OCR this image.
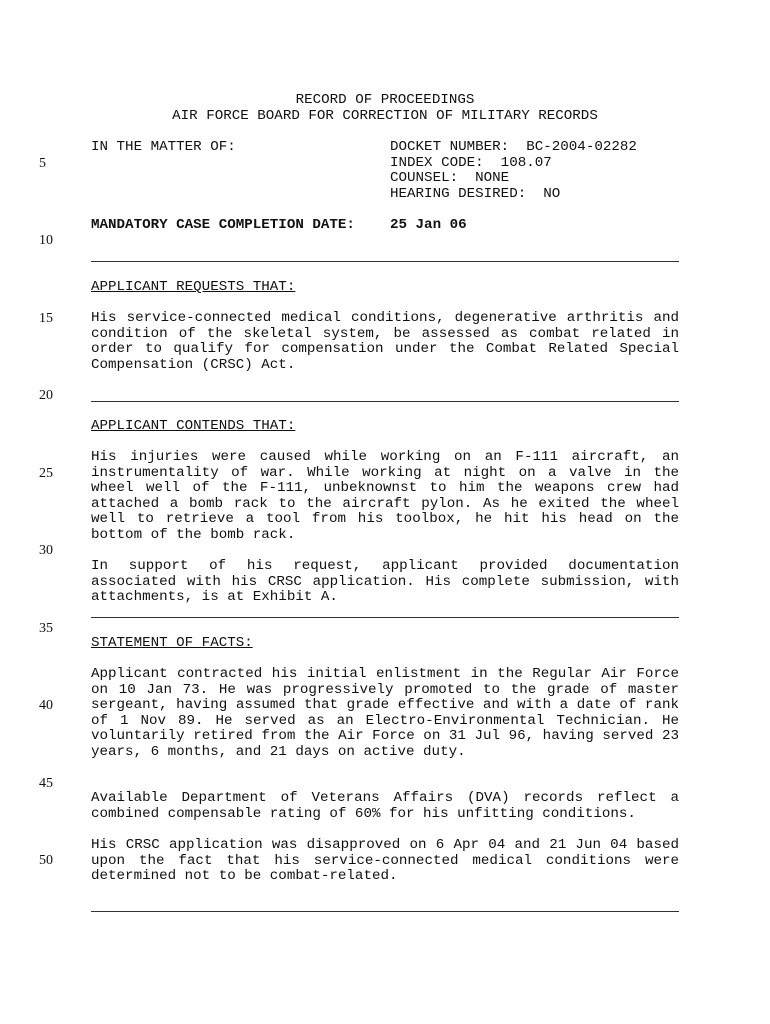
5
10
15
20
25
30
35
40
45
50
RECORD OF PROCEEDINGS
AIR FORCE BOARD FOR CORRECTION OF MILITARY RECORDS
IN THE MATTER OF:	DOCKET NUMBER:  BC-2004-02282
INDEX CODE:  108.07
COUNSEL:  NONE
HEARING DESIRED:  NO
MANDATORY CASE COMPLETION DATE: 25 Jan 06
APPLICANT REQUESTS THAT:

His service-connected medical conditions, degenerative arthritis and condition of the skeletal system, be assessed as combat related in order to qualify for compensation under the Combat Related Special Compensation (CRSC) Act.

APPLICANT CONTENDS THAT:

His injuries were caused while working on an F-111 aircraft, an instrumentality of war. While working at night on a valve in the wheel well of the F-111, unbeknownst to him the weapons crew had attached a bomb rack to the aircraft pylon. As he exited the wheel well to retrieve a tool from his toolbox, he hit his head on the bottom of the bomb rack.

In support of his request, applicant provided documentation associated with his CRSC application. His complete submission, with attachments, is at Exhibit A.

STATEMENT OF FACTS:

Applicant contracted his initial enlistment in the Regular Air Force on 10 Jan 73. He was progressively promoted to the grade of master sergeant, having assumed that grade effective and with a date of rank of 1 Nov 89. He served as an Electro-Environmental Technician. He voluntarily retired from the Air Force on 31 Jul 96, having served 23 years, 6 months, and 21 days on active duty.

Available Department of Veterans Affairs (DVA) records reflect a combined compensable rating of 60% for his unfitting conditions.

His CRSC application was disapproved on 6 Apr 04 and 21 Jun 04 based upon the fact that his service-connected medical conditions were determined not to be combat-related.
